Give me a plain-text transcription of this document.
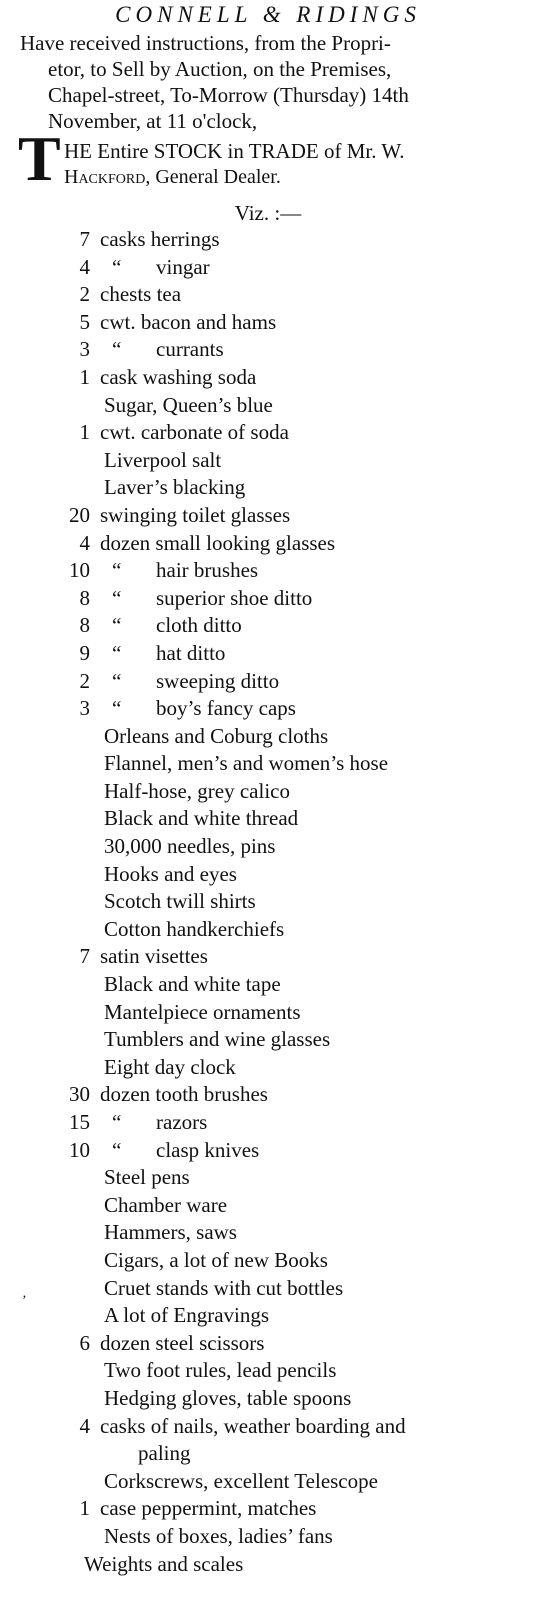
CONNELL & RIDINGS
Have received instructions, from the Propri-
etor, to Sell by Auction, on the Premises,
Chapel-street, To-Morrow (Thursday) 14th
November, at 11 o'clock,
T HE Entire STOCK in TRADE of Mr. W.
Hackford, General Dealer.
Viz. :—
7 casks herrings
4 “ vingar
2 chests tea
5 cwt. bacon and hams
3 “ currants
1 cask washing soda
Sugar, Queen’s blue
1 cwt. carbonate of soda
Liverpool salt
Laver’s blacking
20 swinging toilet glasses
4 dozen small looking glasses
10 “ hair brushes
8 “ superior shoe ditto
8 “ cloth ditto
9 “ hat ditto
2 “ sweeping ditto
3 “ boy’s fancy caps
Orleans and Coburg cloths
Flannel, men’s and women’s hose
Half-hose, grey calico
Black and white thread
30,000 needles, pins
Hooks and eyes
Scotch twill shirts
Cotton handkerchiefs
7 satin visettes
Black and white tape
Mantelpiece ornaments
Tumblers and wine glasses
Eight day clock
30 dozen tooth brushes
15 “ razors
10 “ clasp knives
Steel pens
Chamber ware
Hammers, saws
Cigars, a lot of new Books
Cruet stands with cut bottles
A lot of Engravings
6 dozen steel scissors
Two foot rules, lead pencils
Hedging gloves, table spoons
4 casks of nails, weather boarding and
paling
Corkscrews, excellent Telescope
1 case peppermint, matches
Nests of boxes, ladies’ fans
Weights and scales
‚
